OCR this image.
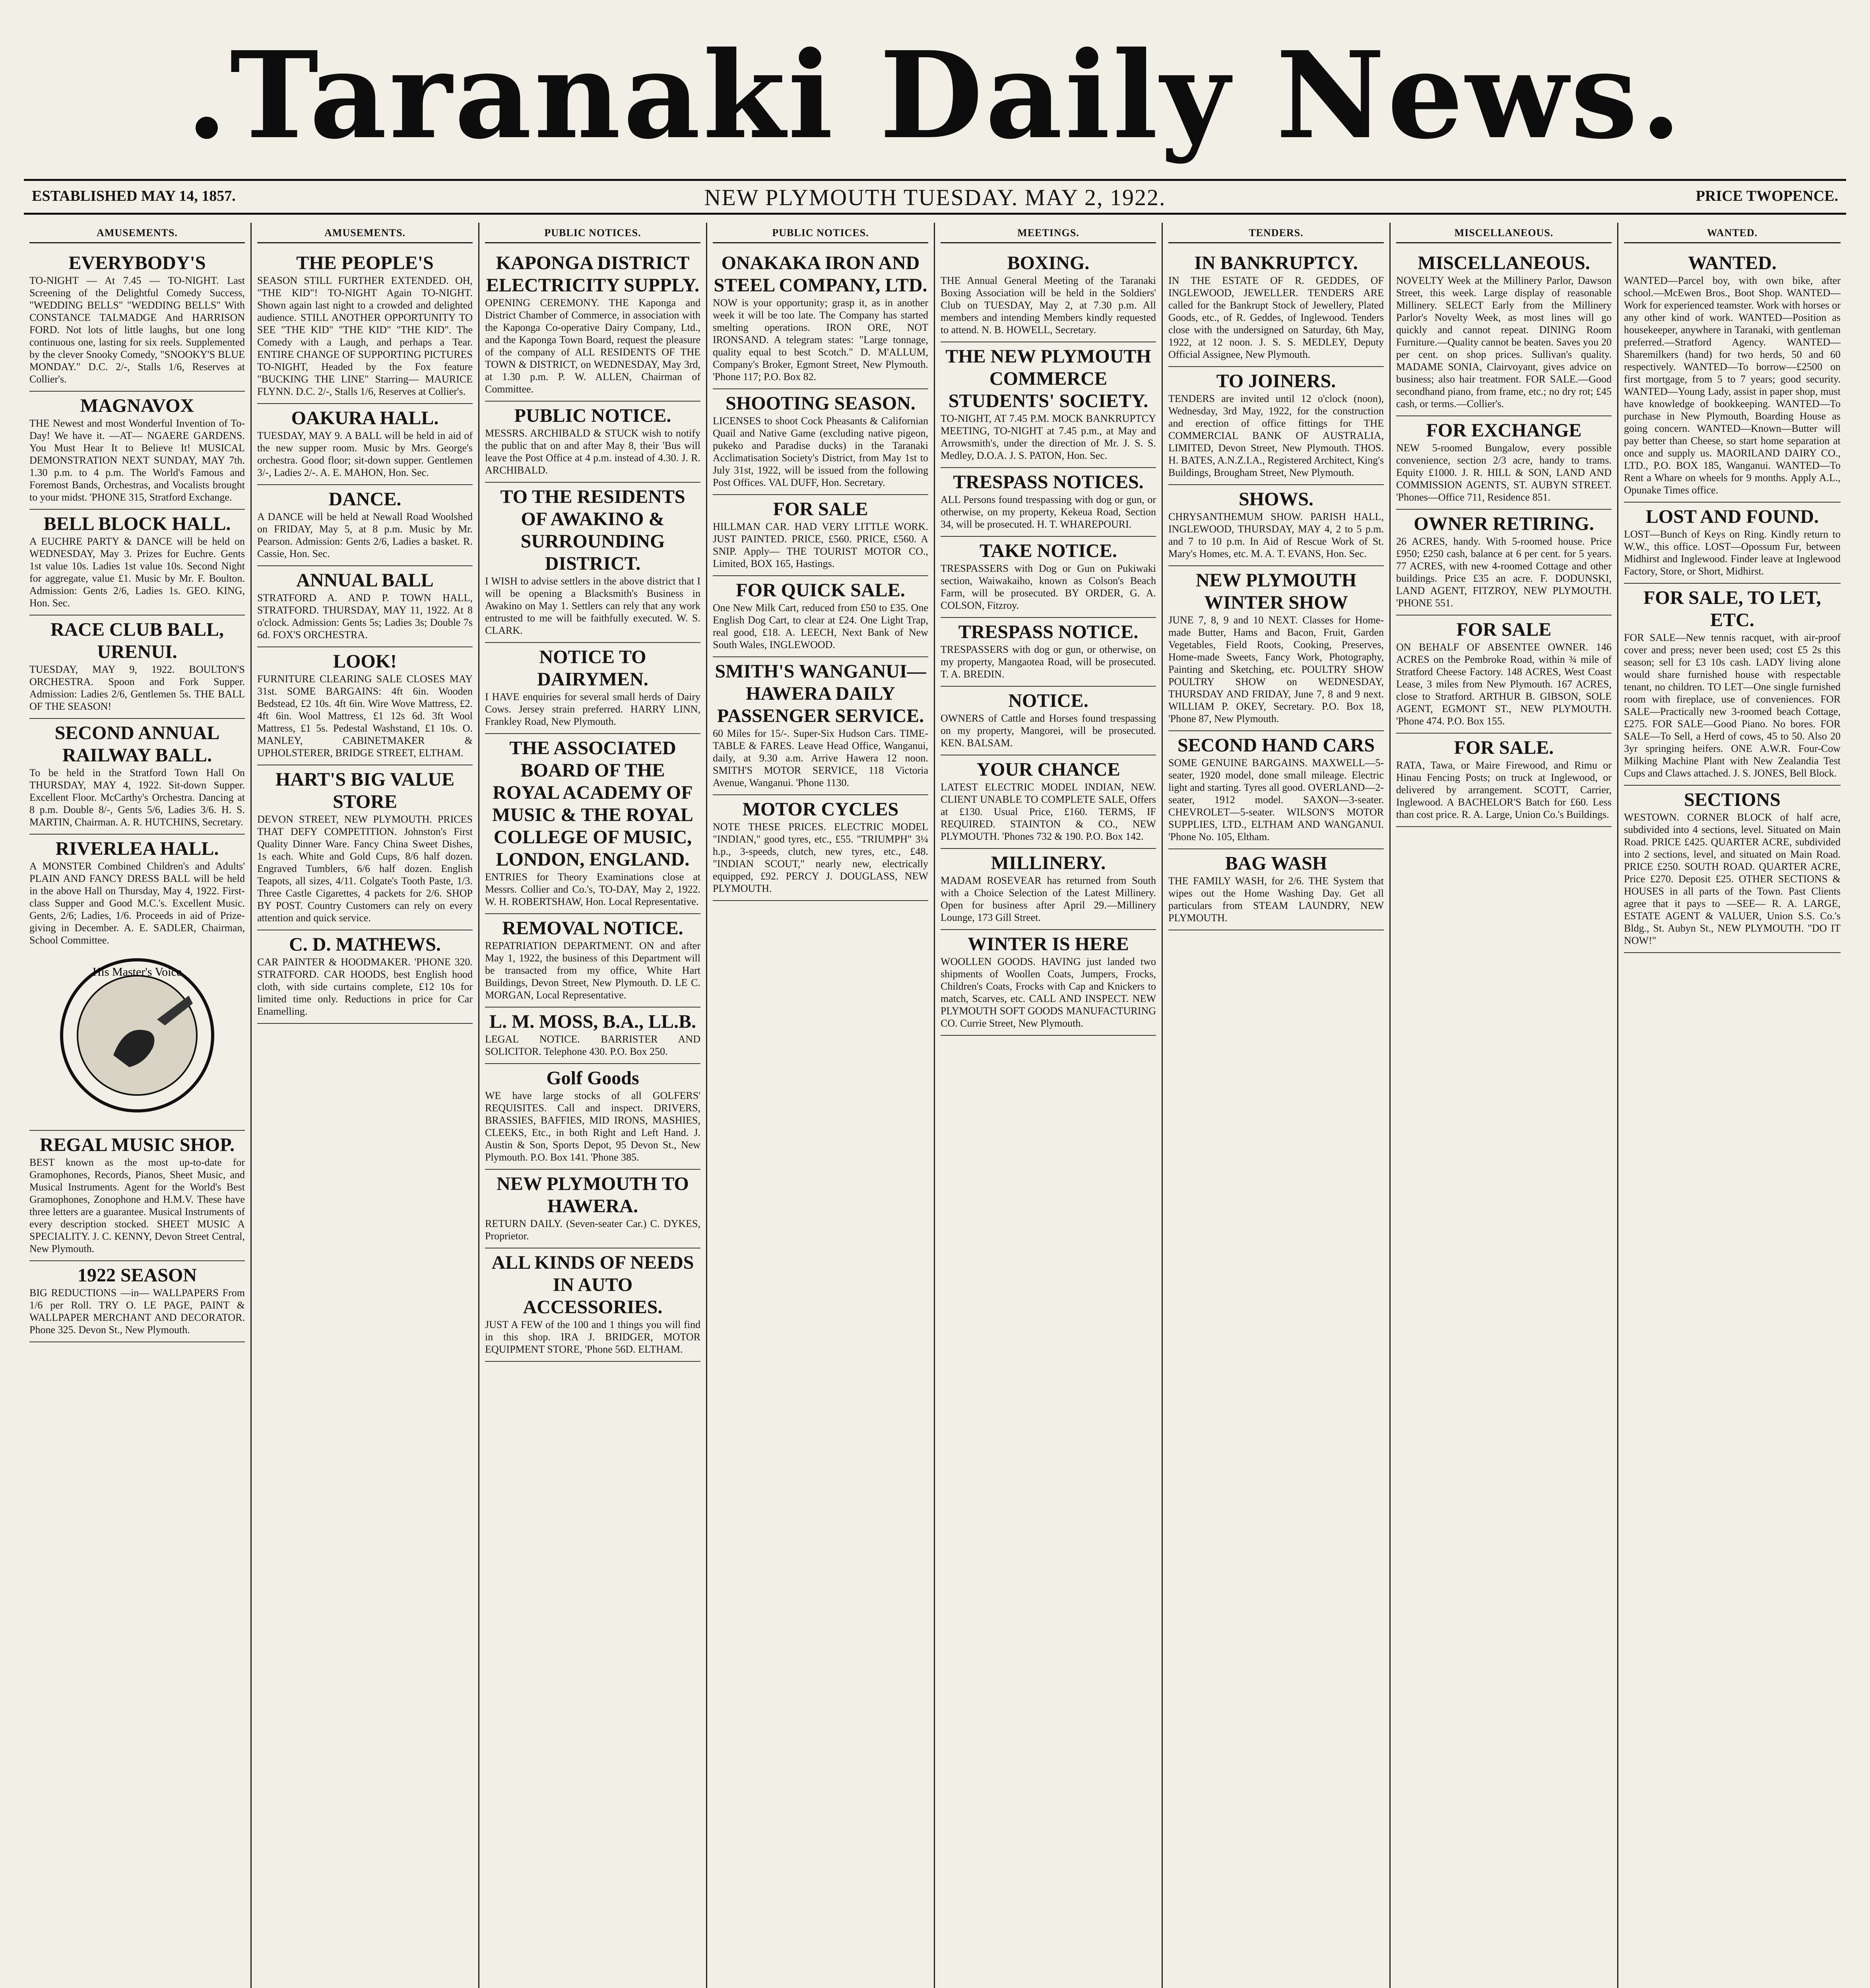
.Taranaki Daily News.
ESTABLISHED MAY 14, 1857.	NEW PLYMOUTH TUESDAY. MAY 2, 1922.	PRICE TWOPENCE.
AMUSEMENTS.
EVERYBODY'S
TO-NIGHT — At 7.45 — TO-NIGHT. Last Screening of the Delightful Comedy Success, "WEDDING BELLS" "WEDDING BELLS" With CONSTANCE TALMADGE And HARRISON FORD. Not lots of little laughs, but one long continuous one, lasting for six reels. Supplemented by the clever Snooky Comedy, "SNOOKY'S BLUE MONDAY." D.C. 2/-, Stalls 1/6, Reserves at Collier's.
MAGNAVOX
THE Newest and most Wonderful Invention of To-Day! We have it. —AT— NGAERE GARDENS. You Must Hear It to Believe It! MUSICAL DEMONSTRATION NEXT SUNDAY, MAY 7th. 1.30 p.m. to 4 p.m. The World's Famous and Foremost Bands, Orchestras, and Vocalists brought to your midst. 'PHONE 315, Stratford Exchange.
BELL BLOCK HALL.
A EUCHRE PARTY & DANCE will be held on WEDNESDAY, May 3. Prizes for Euchre. Gents 1st value 10s. Ladies 1st value 10s. Second Night for aggregate, value £1. Music by Mr. F. Boulton. Admission: Gents 2/6, Ladies 1s. GEO. KING, Hon. Sec.
RACE CLUB BALL, URENUI.
TUESDAY, MAY 9, 1922. BOULTON'S ORCHESTRA. Spoon and Fork Supper. Admission: Ladies 2/6, Gentlemen 5s. THE BALL OF THE SEASON!
SECOND ANNUAL RAILWAY BALL.
To be held in the Stratford Town Hall On THURSDAY, MAY 4, 1922. Sit-down Supper. Excellent Floor. McCarthy's Orchestra. Dancing at 8 p.m. Double 8/-, Gents 5/6, Ladies 3/6. H. S. MARTIN, Chairman. A. R. HUTCHINS, Secretary.
RIVERLEA HALL.
A MONSTER Combined Children's and Adults' PLAIN AND FANCY DRESS BALL will be held in the above Hall on Thursday, May 4, 1922. First-class Supper and Good M.C.'s. Excellent Music. Gents, 2/6; Ladies, 1/6. Proceeds in aid of Prize-giving in December. A. E. SADLER, Chairman, School Committee.
His Master's Voice
REGAL MUSIC SHOP.
BEST known as the most up-to-date for Gramophones, Records, Pianos, Sheet Music, and Musical Instruments. Agent for the World's Best Gramophones, Zonophone and H.M.V. These have three letters are a guarantee. Musical Instruments of every description stocked. SHEET MUSIC A SPECIALITY. J. C. KENNY, Devon Street Central, New Plymouth.
1922 SEASON
BIG REDUCTIONS —in— WALLPAPERS From 1/6 per Roll. TRY O. LE PAGE, PAINT & WALLPAPER MERCHANT AND DECORATOR. Phone 325. Devon St., New Plymouth.
AMUSEMENTS.
THE PEOPLE'S
SEASON STILL FURTHER EXTENDED. OH, "THE KID"! TO-NIGHT Again TO-NIGHT. Shown again last night to a crowded and delighted audience. STILL ANOTHER OPPORTUNITY TO SEE "THE KID" "THE KID" "THE KID". The Comedy with a Laugh, and perhaps a Tear. ENTIRE CHANGE OF SUPPORTING PICTURES TO-NIGHT, Headed by the Fox feature "BUCKING THE LINE" Starring— MAURICE FLYNN. D.C. 2/-, Stalls 1/6, Reserves at Collier's.
OAKURA HALL.
TUESDAY, MAY 9. A BALL will be held in aid of the new supper room. Music by Mrs. George's orchestra. Good floor; sit-down supper. Gentlemen 3/-, Ladies 2/-. A. E. MAHON, Hon. Sec.
DANCE.
A DANCE will be held at Newall Road Woolshed on FRIDAY, May 5, at 8 p.m. Music by Mr. Pearson. Admission: Gents 2/6, Ladies a basket. R. Cassie, Hon. Sec.
ANNUAL BALL
STRATFORD A. AND P. TOWN HALL, STRATFORD. THURSDAY, MAY 11, 1922. At 8 o'clock. Admission: Gents 5s; Ladies 3s; Double 7s 6d. FOX'S ORCHESTRA.
LOOK!
FURNITURE CLEARING SALE CLOSES MAY 31st. SOME BARGAINS: 4ft 6in. Wooden Bedstead, £2 10s. 4ft 6in. Wire Wove Mattress, £2. 4ft 6in. Wool Mattress, £1 12s 6d. 3ft Wool Mattress, £1 5s. Pedestal Washstand, £1 10s. O. MANLEY, CABINETMAKER & UPHOLSTERER, BRIDGE STREET, ELTHAM.
HART'S BIG VALUE STORE
DEVON STREET, NEW PLYMOUTH. PRICES THAT DEFY COMPETITION. Johnston's First Quality Dinner Ware. Fancy China Sweet Dishes, 1s each. White and Gold Cups, 8/6 half dozen. Engraved Tumblers, 6/6 half dozen. English Teapots, all sizes, 4/11. Colgate's Tooth Paste, 1/3. Three Castle Cigarettes, 4 packets for 2/6. SHOP BY POST. Country Customers can rely on every attention and quick service.
C. D. MATHEWS.
CAR PAINTER & HOODMAKER. 'PHONE 320. STRATFORD. CAR HOODS, best English hood cloth, with side curtains complete, £12 10s for limited time only. Reductions in price for Car Enamelling.
PUBLIC NOTICES.
KAPONGA DISTRICT ELECTRICITY SUPPLY.
OPENING CEREMONY. THE Kaponga and District Chamber of Commerce, in association with the Kaponga Co-operative Dairy Company, Ltd., and the Kaponga Town Board, request the pleasure of the company of ALL RESIDENTS OF THE TOWN & DISTRICT, on WEDNESDAY, May 3rd, at 1.30 p.m. P. W. ALLEN, Chairman of Committee.
PUBLIC NOTICE.
MESSRS. ARCHIBALD & STUCK wish to notify the public that on and after May 8, their 'Bus will leave the Post Office at 4 p.m. instead of 4.30. J. R. ARCHIBALD.
TO THE RESIDENTS OF AWAKINO & SURROUNDING DISTRICT.
I WISH to advise settlers in the above district that I will be opening a Blacksmith's Business in Awakino on May 1. Settlers can rely that any work entrusted to me will be faithfully executed. W. S. CLARK.
NOTICE TO DAIRYMEN.
I HAVE enquiries for several small herds of Dairy Cows. Jersey strain preferred. HARRY LINN, Frankley Road, New Plymouth.
THE ASSOCIATED BOARD OF THE ROYAL ACADEMY OF MUSIC & THE ROYAL COLLEGE OF MUSIC, LONDON, ENGLAND.
ENTRIES for Theory Examinations close at Messrs. Collier and Co.'s, TO-DAY, May 2, 1922. W. H. ROBERTSHAW, Hon. Local Representative.
REMOVAL NOTICE.
REPATRIATION DEPARTMENT. ON and after May 1, 1922, the business of this Department will be transacted from my office, White Hart Buildings, Devon Street, New Plymouth. D. LE C. MORGAN, Local Representative.
L. M. MOSS, B.A., LL.B.
LEGAL NOTICE. BARRISTER AND SOLICITOR. Telephone 430. P.O. Box 250.
Golf Goods
WE have large stocks of all GOLFERS' REQUISITES. Call and inspect. DRIVERS, BRASSIES, BAFFIES, MID IRONS, MASHIES, CLEEKS, Etc., in both Right and Left Hand. J. Austin & Son, Sports Depot, 95 Devon St., New Plymouth. P.O. Box 141. 'Phone 385.
NEW PLYMOUTH TO HAWERA.
RETURN DAILY. (Seven-seater Car.) C. DYKES, Proprietor.
ALL KINDS OF NEEDS IN AUTO ACCESSORIES.
JUST A FEW of the 100 and 1 things you will find in this shop. IRA J. BRIDGER, MOTOR EQUIPMENT STORE, 'Phone 56D. ELTHAM.
PUBLIC NOTICES.
ONAKAKA IRON AND STEEL COMPANY, LTD.
NOW is your opportunity; grasp it, as in another week it will be too late. The Company has started smelting operations. IRON ORE, NOT IRONSAND. A telegram states: "Large tonnage, quality equal to best Scotch." D. M'ALLUM, Company's Broker, Egmont Street, New Plymouth. 'Phone 117; P.O. Box 82.
SHOOTING SEASON.
LICENSES to shoot Cock Pheasants & Californian Quail and Native Game (excluding native pigeon, pukeko and Paradise ducks) in the Taranaki Acclimatisation Society's District, from May 1st to July 31st, 1922, will be issued from the following Post Offices. VAL DUFF, Hon. Secretary.
FOR SALE
HILLMAN CAR. HAD VERY LITTLE WORK. JUST PAINTED. PRICE, £560. PRICE, £560. A SNIP. Apply— THE TOURIST MOTOR CO., Limited, BOX 165, Hastings.
FOR QUICK SALE.
One New Milk Cart, reduced from £50 to £35. One English Dog Cart, to clear at £24. One Light Trap, real good, £18. A. LEECH, Next Bank of New South Wales, INGLEWOOD.
SMITH'S WANGANUI—HAWERA DAILY PASSENGER SERVICE.
60 Miles for 15/-. Super-Six Hudson Cars. TIME-TABLE & FARES. Leave Head Office, Wanganui, daily, at 9.30 a.m. Arrive Hawera 12 noon. SMITH'S MOTOR SERVICE, 118 Victoria Avenue, Wanganui. 'Phone 1130.
MOTOR CYCLES
NOTE THESE PRICES. ELECTRIC MODEL "INDIAN," good tyres, etc., £55. "TRIUMPH" 3¼ h.p., 3-speeds, clutch, new tyres, etc., £48. "INDIAN SCOUT," nearly new, electrically equipped, £92. PERCY J. DOUGLASS, NEW PLYMOUTH.
MEETINGS.
BOXING.
THE Annual General Meeting of the Taranaki Boxing Association will be held in the Soldiers' Club on TUESDAY, May 2, at 7.30 p.m. All members and intending Members kindly requested to attend. N. B. HOWELL, Secretary.
THE NEW PLYMOUTH COMMERCE STUDENTS' SOCIETY.
TO-NIGHT, AT 7.45 P.M. MOCK BANKRUPTCY MEETING, TO-NIGHT at 7.45 p.m., at May and Arrowsmith's, under the direction of Mr. J. S. S. Medley, D.O.A. J. S. PATON, Hon. Sec.
TRESPASS NOTICES.
ALL Persons found trespassing with dog or gun, or otherwise, on my property, Kekeua Road, Section 34, will be prosecuted. H. T. WHAREPOURI.
TAKE NOTICE.
TRESPASSERS with Dog or Gun on Pukiwaki section, Waiwakaiho, known as Colson's Beach Farm, will be prosecuted. BY ORDER, G. A. COLSON, Fitzroy.
TRESPASS NOTICE.
TRESPASSERS with dog or gun, or otherwise, on my property, Mangaotea Road, will be prosecuted. T. A. BREDIN.
NOTICE.
OWNERS of Cattle and Horses found trespassing on my property, Mangorei, will be prosecuted. KEN. BALSAM.
YOUR CHANCE
LATEST ELECTRIC MODEL INDIAN, NEW. CLIENT UNABLE TO COMPLETE SALE, Offers at £130. Usual Price, £160. TERMS, IF REQUIRED. STAINTON & CO., NEW PLYMOUTH. 'Phones 732 & 190. P.O. Box 142.
MILLINERY.
MADAM ROSEVEAR has returned from South with a Choice Selection of the Latest Millinery. Open for business after April 29.—Millinery Lounge, 173 Gill Street.
WINTER IS HERE
WOOLLEN GOODS. HAVING just landed two shipments of Woollen Coats, Jumpers, Frocks, Children's Coats, Frocks with Cap and Knickers to match, Scarves, etc. CALL AND INSPECT. NEW PLYMOUTH SOFT GOODS MANUFACTURING CO. Currie Street, New Plymouth.
TENDERS.
IN BANKRUPTCY.
IN THE ESTATE OF R. GEDDES, OF INGLEWOOD, JEWELLER. TENDERS ARE called for the Bankrupt Stock of Jewellery, Plated Goods, etc., of R. Geddes, of Inglewood. Tenders close with the undersigned on Saturday, 6th May, 1922, at 12 noon. J. S. S. MEDLEY, Deputy Official Assignee, New Plymouth.
TO JOINERS.
TENDERS are invited until 12 o'clock (noon), Wednesday, 3rd May, 1922, for the construction and erection of office fittings for THE COMMERCIAL BANK OF AUSTRALIA, LIMITED, Devon Street, New Plymouth. THOS. H. BATES, A.N.Z.I.A., Registered Architect, King's Buildings, Brougham Street, New Plymouth.
SHOWS.
CHRYSANTHEMUM SHOW. PARISH HALL, INGLEWOOD, THURSDAY, MAY 4, 2 to 5 p.m. and 7 to 10 p.m. In Aid of Rescue Work of St. Mary's Homes, etc. M. A. T. EVANS, Hon. Sec.
NEW PLYMOUTH WINTER SHOW
JUNE 7, 8, 9 and 10 NEXT. Classes for Home-made Butter, Hams and Bacon, Fruit, Garden Vegetables, Field Roots, Cooking, Preserves, Home-made Sweets, Fancy Work, Photography, Painting and Sketching, etc. POULTRY SHOW POULTRY SHOW on WEDNESDAY, THURSDAY AND FRIDAY, June 7, 8 and 9 next. WILLIAM P. OKEY, Secretary. P.O. Box 18, 'Phone 87, New Plymouth.
SECOND HAND CARS
SOME GENUINE BARGAINS. MAXWELL—5-seater, 1920 model, done small mileage. Electric light and starting. Tyres all good. OVERLAND—2-seater, 1912 model. SAXON—3-seater. CHEVROLET—5-seater. WILSON'S MOTOR SUPPLIES, LTD., ELTHAM AND WANGANUI. 'Phone No. 105, Eltham.
BAG WASH
THE FAMILY WASH, for 2/6. THE System that wipes out the Home Washing Day. Get all particulars from STEAM LAUNDRY, NEW PLYMOUTH.
MISCELLANEOUS.
MISCELLANEOUS.
NOVELTY Week at the Millinery Parlor, Dawson Street, this week. Large display of reasonable Millinery. SELECT Early from the Millinery Parlor's Novelty Week, as most lines will go quickly and cannot repeat. DINING Room Furniture.—Quality cannot be beaten. Saves you 20 per cent. on shop prices. Sullivan's quality. MADAME SONIA, Clairvoyant, gives advice on business; also hair treatment. FOR SALE.—Good secondhand piano, from frame, etc.; no dry rot; £45 cash, or terms.—Collier's.
FOR EXCHANGE
NEW 5-roomed Bungalow, every possible convenience, section 2/3 acre, handy to trams. Equity £1000. J. R. HILL & SON, LAND AND COMMISSION AGENTS, ST. AUBYN STREET. 'Phones—Office 711, Residence 851.
OWNER RETIRING.
26 ACRES, handy. With 5-roomed house. Price £950; £250 cash, balance at 6 per cent. for 5 years. 77 ACRES, with new 4-roomed Cottage and other buildings. Price £35 an acre. F. DODUNSKI, LAND AGENT, FITZROY, NEW PLYMOUTH. 'PHONE 551.
FOR SALE
ON BEHALF OF ABSENTEE OWNER. 146 ACRES on the Pembroke Road, within ¾ mile of Stratford Cheese Factory. 148 ACRES, West Coast Lease, 3 miles from New Plymouth. 167 ACRES, close to Stratford. ARTHUR B. GIBSON, SOLE AGENT, EGMONT ST., NEW PLYMOUTH. 'Phone 474. P.O. Box 155.
FOR SALE.
RATA, Tawa, or Maire Firewood, and Rimu or Hinau Fencing Posts; on truck at Inglewood, or delivered by arrangement. SCOTT, Carrier, Inglewood. A BACHELOR'S Batch for £60. Less than cost price. R. A. Large, Union Co.'s Buildings.
WANTED.
WANTED.
WANTED—Parcel boy, with own bike, after school.—McEwen Bros., Boot Shop. WANTED—Work for experienced teamster. Work with horses or any other kind of work. WANTED—Position as housekeeper, anywhere in Taranaki, with gentleman preferred.—Stratford Agency. WANTED—Sharemilkers (hand) for two herds, 50 and 60 respectively. WANTED—To borrow—£2500 on first mortgage, from 5 to 7 years; good security. WANTED—Young Lady, assist in paper shop, must have knowledge of bookkeeping. WANTED—To purchase in New Plymouth, Boarding House as going concern. WANTED—Known—Butter will pay better than Cheese, so start home separation at once and supply us. MAORILAND DAIRY CO., LTD., P.O. BOX 185, Wanganui. WANTED—To Rent a Whare on wheels for 9 months. Apply A.L., Opunake Times office.
LOST AND FOUND.
LOST—Bunch of Keys on Ring. Kindly return to W.W., this office. LOST—Opossum Fur, between Midhirst and Inglewood. Finder leave at Inglewood Factory, Store, or Short, Midhirst.
FOR SALE, TO LET, ETC.
FOR SALE—New tennis racquet, with air-proof cover and press; never been used; cost £5 2s this season; sell for £3 10s cash. LADY living alone would share furnished house with respectable tenant, no children. TO LET—One single furnished room with fireplace, use of conveniences. FOR SALE—Practically new 3-roomed beach Cottage, £275. FOR SALE—Good Piano. No bores. FOR SALE—To Sell, a Herd of cows, 45 to 50. Also 20 3yr springing heifers. ONE A.W.R. Four-Cow Milking Machine Plant with New Zealandia Test Cups and Claws attached. J. S. JONES, Bell Block.
SECTIONS
WESTOWN. CORNER BLOCK of half acre, subdivided into 4 sections, level. Situated on Main Road. PRICE £425. QUARTER ACRE, subdivided into 2 sections, level, and situated on Main Road. PRICE £250. SOUTH ROAD. QUARTER ACRE, Price £270. Deposit £25. OTHER SECTIONS & HOUSES in all parts of the Town. Past Clients agree that it pays to —SEE— R. A. LARGE, ESTATE AGENT & VALUER, Union S.S. Co.'s Bldg., St. Aubyn St., NEW PLYMOUTH. "DO IT NOW!"
